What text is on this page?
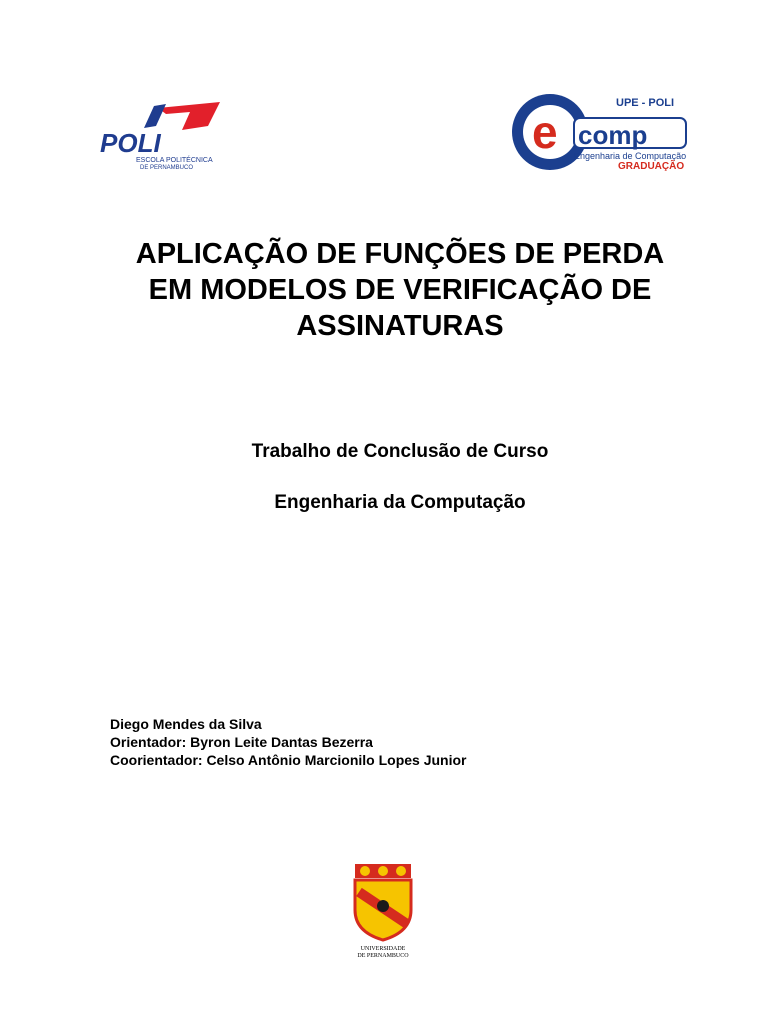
POLI
ESCOLA POLITÉCNICA
DE PERNAMBUCO
e
UPE - POLI
comp
Engenharia de Computação
GRADUAÇÃO
APLICAÇÃO DE FUNÇÕES DE PERDA
EM MODELOS DE VERIFICAÇÃO DE
ASSINATURAS

Trabalho de Conclusão de Curso

Engenharia da Computação

Diego Mendes da Silva
Orientador: Byron Leite Dantas Bezerra
Coorientador: Celso Antônio Marcionilo Lopes Junior
UNIVERSIDADE
DE PERNAMBUCO
